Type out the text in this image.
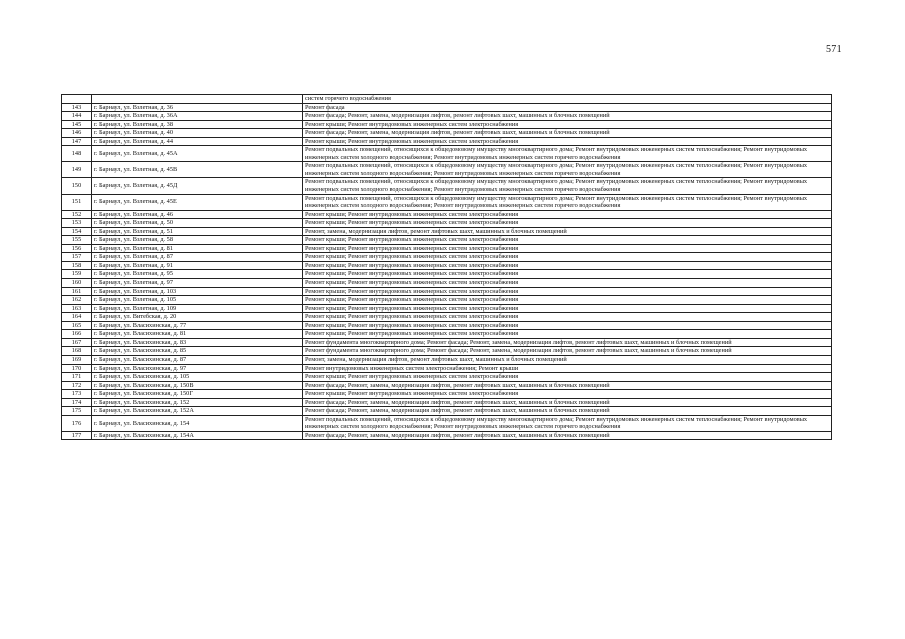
571
		систем горячего водоснабжения
143	г. Барнаул, ул. Взлетная, д. 36	Ремонт фасада
144	г. Барнаул, ул. Взлетная, д. 36А	Ремонт фасада; Ремонт, замена, модернизация лифтов, ремонт лифтовых шахт, машинных и блочных помещений
145	г. Барнаул, ул. Взлетная, д. 38	Ремонт крыши; Ремонт внутридомовых инженерных систем электроснабжения
146	г. Барнаул, ул. Взлетная, д. 40	Ремонт фасада; Ремонт, замена, модернизация лифтов, ремонт лифтовых шахт, машинных и блочных помещений
147	г. Барнаул, ул. Взлетная, д. 44	Ремонт крыши; Ремонт внутридомовых инженерных систем электроснабжения
148	г. Барнаул, ул. Взлетная, д. 45А	Ремонт подвальных помещений, относящихся к общедомовому имуществу многоквартирного дома; Ремонт внутридомовых инженерных систем теплоснабжения; Ремонт внутридомовых инженерных систем холодного водоснабжения; Ремонт внутридомовых инженерных систем горячего водоснабжения
149	г. Барнаул, ул. Взлетная, д. 45В	Ремонт подвальных помещений, относящихся к общедомовому имуществу многоквартирного дома; Ремонт внутридомовых инженерных систем теплоснабжения; Ремонт внутридомовых инженерных систем холодного водоснабжения; Ремонт внутридомовых инженерных систем горячего водоснабжения
150	г. Барнаул, ул. Взлетная, д. 45Д	Ремонт подвальных помещений, относящихся к общедомовому имуществу многоквартирного дома; Ремонт внутридомовых инженерных систем теплоснабжения; Ремонт внутридомовых инженерных систем холодного водоснабжения; Ремонт внутридомовых инженерных систем горячего водоснабжения
151	г. Барнаул, ул. Взлетная, д. 45Е	Ремонт подвальных помещений, относящихся к общедомовому имуществу многоквартирного дома; Ремонт внутридомовых инженерных систем теплоснабжения; Ремонт внутридомовых инженерных систем холодного водоснабжения; Ремонт внутридомовых инженерных систем горячего водоснабжения
152	г. Барнаул, ул. Взлетная, д. 46	Ремонт крыши; Ремонт внутридомовых инженерных систем электроснабжения
153	г. Барнаул, ул. Взлетная, д. 50	Ремонт крыши; Ремонт внутридомовых инженерных систем электроснабжения
154	г. Барнаул, ул. Взлетная, д. 51	Ремонт, замена, модернизация лифтов, ремонт лифтовых шахт, машинных и блочных помещений
155	г. Барнаул, ул. Взлетная, д. 58	Ремонт крыши; Ремонт внутридомовых инженерных систем электроснабжения
156	г. Барнаул, ул. Взлетная, д. 81	Ремонт крыши; Ремонт внутридомовых инженерных систем электроснабжения
157	г. Барнаул, ул. Взлетная, д. 87	Ремонт крыши; Ремонт внутридомовых инженерных систем электроснабжения
158	г. Барнаул, ул. Взлетная, д. 91	Ремонт крыши; Ремонт внутридомовых инженерных систем электроснабжения
159	г. Барнаул, ул. Взлетная, д. 95	Ремонт крыши; Ремонт внутридомовых инженерных систем электроснабжения
160	г. Барнаул, ул. Взлетная, д. 97	Ремонт крыши; Ремонт внутридомовых инженерных систем электроснабжения
161	г. Барнаул, ул. Взлетная, д. 103	Ремонт крыши; Ремонт внутридомовых инженерных систем электроснабжения
162	г. Барнаул, ул. Взлетная, д. 105	Ремонт крыши; Ремонт внутридомовых инженерных систем электроснабжения
163	г. Барнаул, ул. Взлетная, д. 109	Ремонт крыши; Ремонт внутридомовых инженерных систем электроснабжения
164	г. Барнаул, ул. Витебская, д. 20	Ремонт крыши; Ремонт внутридомовых инженерных систем электроснабжения
165	г. Барнаул, ул. Власихинская, д. 77	Ремонт крыши; Ремонт внутридомовых инженерных систем электроснабжения
166	г. Барнаул, ул. Власихинская, д. 81	Ремонт крыши; Ремонт внутридомовых инженерных систем электроснабжения
167	г. Барнаул, ул. Власихинская, д. 83	Ремонт фундамента многоквартирного дома; Ремонт фасада; Ремонт, замена, модернизация лифтов, ремонт лифтовых шахт, машинных и блочных помещений
168	г. Барнаул, ул. Власихинская, д. 85	Ремонт фундамента многоквартирного дома; Ремонт фасада; Ремонт, замена, модернизация лифтов, ремонт лифтовых шахт, машинных и блочных помещений
169	г. Барнаул, ул. Власихинская, д. 87	Ремонт, замена, модернизация лифтов, ремонт лифтовых шахт, машинных и блочных помещений
170	г. Барнаул, ул. Власихинская, д. 97	Ремонт внутридомовых инженерных систем электроснабжения; Ремонт крыши
171	г. Барнаул, ул. Власихинская, д. 105	Ремонт крыши; Ремонт внутридомовых инженерных систем электроснабжения
172	г. Барнаул, ул. Власихинская, д. 150В	Ремонт фасада; Ремонт, замена, модернизация лифтов, ремонт лифтовых шахт, машинных и блочных помещений
173	г. Барнаул, ул. Власихинская, д. 150Г	Ремонт крыши; Ремонт внутридомовых инженерных систем электроснабжения
174	г. Барнаул, ул. Власихинская, д. 152	Ремонт фасада; Ремонт, замена, модернизация лифтов, ремонт лифтовых шахт, машинных и блочных помещений
175	г. Барнаул, ул. Власихинская, д. 152А	Ремонт фасада; Ремонт, замена, модернизация лифтов, ремонт лифтовых шахт, машинных и блочных помещений
176	г. Барнаул, ул. Власихинская, д. 154	Ремонт подвальных помещений, относящихся к общедомовому имуществу многоквартирного дома; Ремонт внутридомовых инженерных систем теплоснабжения; Ремонт внутридомовых инженерных систем холодного водоснабжения; Ремонт внутридомовых инженерных систем горячего водоснабжения
177	г. Барнаул, ул. Власихинская, д. 154А	Ремонт фасада; Ремонт, замена, модернизация лифтов, ремонт лифтовых шахт, машинных и блочных помещений
